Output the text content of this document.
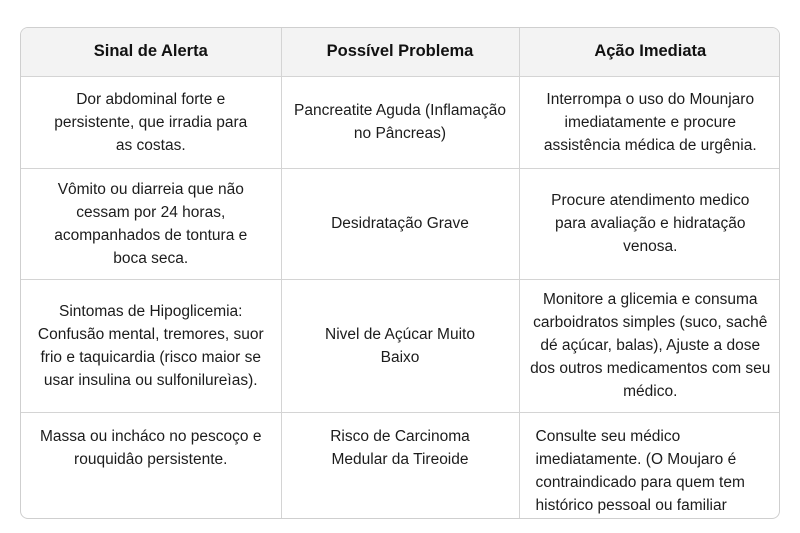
Sinal de Alerta	Possível Problema	Ação Imediata

Dor abdominal forte e persistente, que irradia para as costas.	Pancreatite Aguda (Inflamação no Pâncreas)	Interrompa o uso do Mounjaro imediatamente e procure assistência médica de urgênia.

Vômito ou diarreia que não cessam por 24 horas, acompanhados de tontura e boca seca.	Desidratação Grave	Procure atendimento medico para avaliação e hidratação venosa.

Sintomas de Hipoglicemia: Confusão mental, tremores, suor frio e taquicardia (risco maior se usar insulina ou sulfonilureìas).	Nivel de Açúcar Muito Baixo	Monitore a glicemia e consuma carboidratos simples (suco, sachê dé açúcar, balas), Ajuste a dose dos outros medicamentos com seu médico.

Massa ou incháco no pescoço e rouquidâo persistente.	Risco de Carcinoma Medular da Tireoide	Consulte seu médico imediatamente. (O Moujaro é contraindicado para quem tem histórico pessoal ou familiar
